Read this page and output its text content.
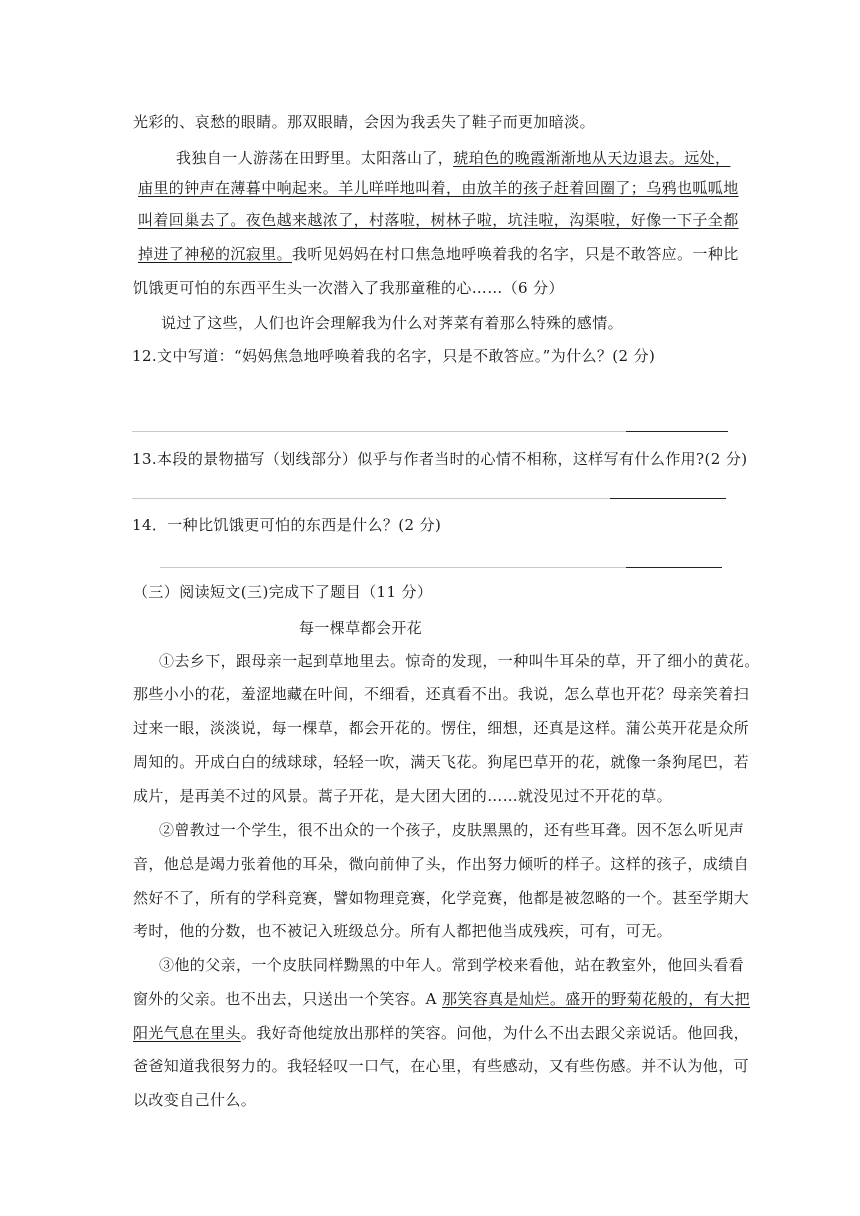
光彩的、哀愁的眼睛。那双眼睛，会因为我丢失了鞋子而更加暗淡。
我独自一人游荡在田野里。太阳落山了，琥珀色的晚霞渐渐地从天边退去。远处，
庙里的钟声在薄暮中响起来。羊儿咩咩地叫着，由放羊的孩子赶着回圈了；乌鸦也呱呱地
叫着回巢去了。夜色越来越浓了，村落啦，树林子啦，坑洼啦，沟渠啦，好像一下子全都
掉进了神秘的沉寂里。我听见妈妈在村口焦急地呼唤着我的名字，只是不敢答应。一种比
饥饿更可怕的东西平生头一次潜入了我那童稚的心……（6 分）
说过了这些，人们也许会理解我为什么对荠菜有着那么特殊的感情。
12.文中写道：“妈妈焦急地呼唤着我的名字，只是不敢答应。”为什么？(2 分)
13.本段的景物描写（划线部分）似乎与作者当时的心情不相称，这样写有什么作用?(2 分)
14．一种比饥饿更可怕的东西是什么？(2 分)
（三）阅读短文(三)完成下了题目（11 分）
每一棵草都会开花
①去乡下，跟母亲一起到草地里去。惊奇的发现，一种叫牛耳朵的草，开了细小的黄花。
那些小小的花，羞涩地藏在叶间，不细看，还真看不出。我说，怎么草也开花？母亲笑着扫
过来一眼，淡淡说，每一棵草，都会开花的。愣住，细想，还真是这样。蒲公英开花是众所
周知的。开成白白的绒球球，轻轻一吹，满天飞花。狗尾巴草开的花，就像一条狗尾巴，若
成片，是再美不过的风景。蒿子开花，是大团大团的……就没见过不开花的草。
②曾教过一个学生，很不出众的一个孩子，皮肤黑黑的，还有些耳聋。因不怎么听见声
音，他总是竭力张着他的耳朵，微向前伸了头，作出努力倾听的样子。这样的孩子，成绩自
然好不了，所有的学科竞赛，譬如物理竞赛，化学竞赛，他都是被忽略的一个。甚至学期大
考时，他的分数，也不被记入班级总分。所有人都把他当成残疾，可有，可无。
③他的父亲，一个皮肤同样黝黑的中年人。常到学校来看他，站在教室外，他回头看看
窗外的父亲。也不出去，只送出一个笑容。A 那笑容真是灿烂。盛开的野菊花般的，有大把
阳光气息在里头。我好奇他绽放出那样的笑容。问他，为什么不出去跟父亲说话。他回我，
爸爸知道我很努力的。我轻轻叹一口气，在心里，有些感动，又有些伤感。并不认为他，可
以改变自己什么。
